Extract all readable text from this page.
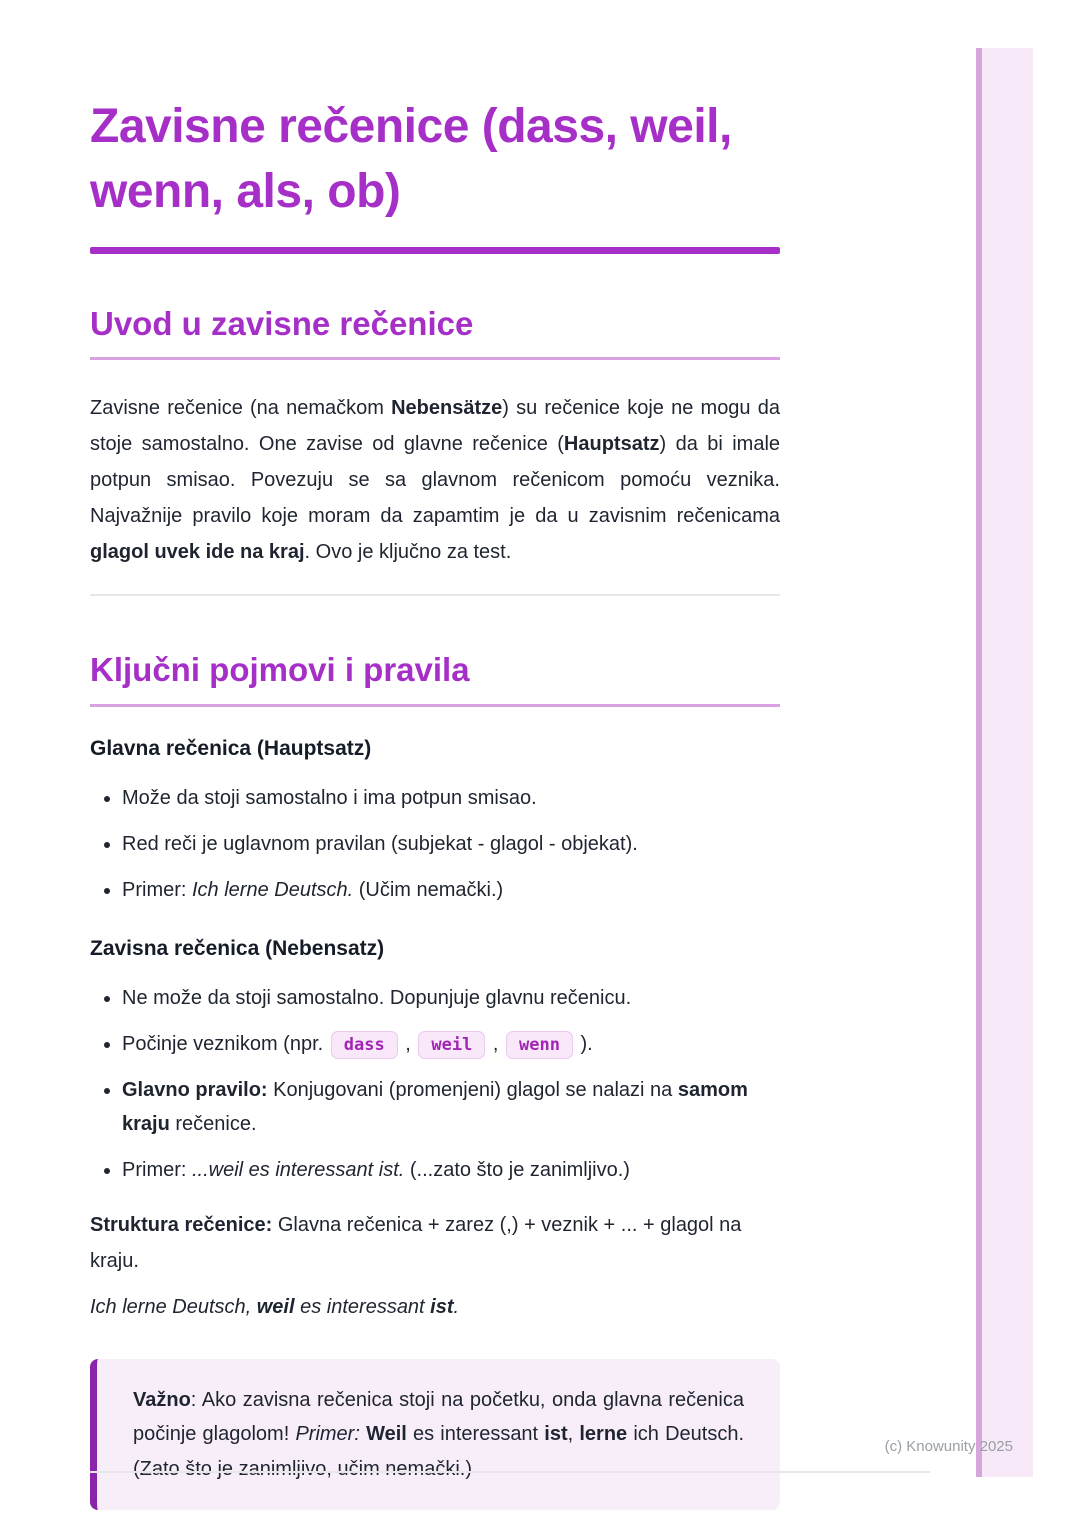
Zavisne rečenice (dass, weil, wenn, als, ob)
Uvod u zavisne rečenice

Zavisne rečenice (na nemačkom Nebensätze) su rečenice koje ne mogu da stoje samostalno. One zavise od glavne rečenice (Hauptsatz) da bi imale potpun smisao. Povezuju se sa glavnom rečenicom pomoću veznika. Najvažnije pravilo koje moram da zapamtim je da u zavisnim rečenicama glagol uvek ide na kraj. Ovo je ključno za test.

Ključni pojmovi i pravila
Glavna rečenica (Hauptsatz)
• Može da stoji samostalno i ima potpun smisao.
• Red reči je uglavnom pravilan (subjekat - glagol - objekat).
• Primer: Ich lerne Deutsch. (Učim nemački.)
Zavisna rečenica (Nebensatz)
• Ne može da stoji samostalno. Dopunjuje glavnu rečenicu.
• Počinje veznikom (npr. dass , weil , wenn ).
• Glavno pravilo: Konjugovani (promenjeni) glagol se nalazi na samom kraju rečenice.
• Primer: ...weil es interessant ist. (...zato što je zanimljivo.)

Struktura rečenice: Glavna rečenica + zarez (,) + veznik + ... + glagol na kraju.

Ich lerne Deutsch, weil es interessant ist.

Važno: Ako zavisna rečenica stoji na početku, onda glavna rečenica počinje glagolom! Primer: Weil es interessant ist, lerne ich Deutsch. (Zato što je zanimljivo, učim nemački.)

(c) Knowunity 2025
